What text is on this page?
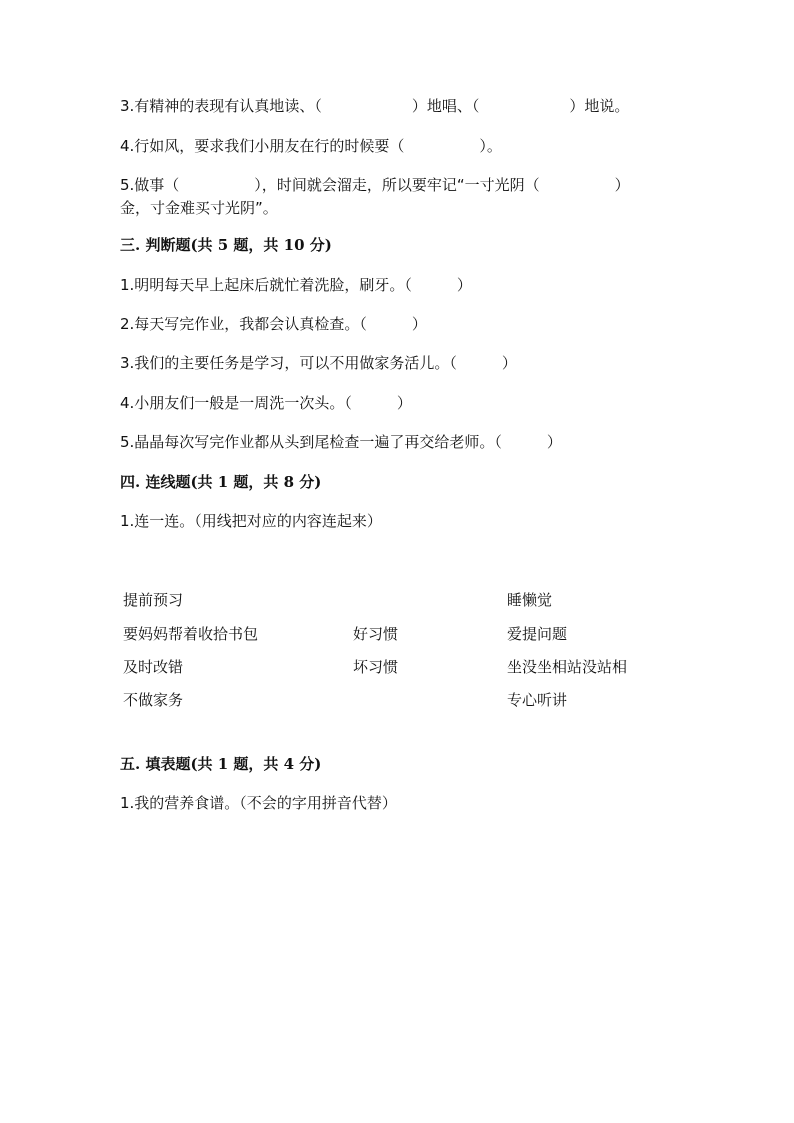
3.有精神的表现有认真地读、（　　　　　　）地唱、（　　　　　　）地说。
4.行如风，要求我们小朋友在行的时候要（　　　　　）。
5.做事（　　　　　），时间就会溜走，所以要牢记“一寸光阴（　　　　　）
金，寸金难买寸光阴”。
三. 判断题(共 5 题，共 10 分)
1.明明每天早上起床后就忙着洗脸，刷牙。（　　　）
2.每天写完作业，我都会认真检查。（　　　）
3.我们的主要任务是学习，可以不用做家务活儿。（　　　）
4.小朋友们一般是一周洗一次头。（　　　）
5.晶晶每次写完作业都从头到尾检查一遍了再交给老师。（　　　）
四. 连线题(共 1 题，共 8 分)
1.连一连。（用线把对应的内容连起来）
提前预习
要妈妈帮着收拾书包
及时改错
不做家务
好习惯
坏习惯
睡懒觉
爱提问题
坐没坐相站没站相
专心听讲
五. 填表题(共 1 题，共 4 分)
1.我的营养食谱。（不会的字用拼音代替）
